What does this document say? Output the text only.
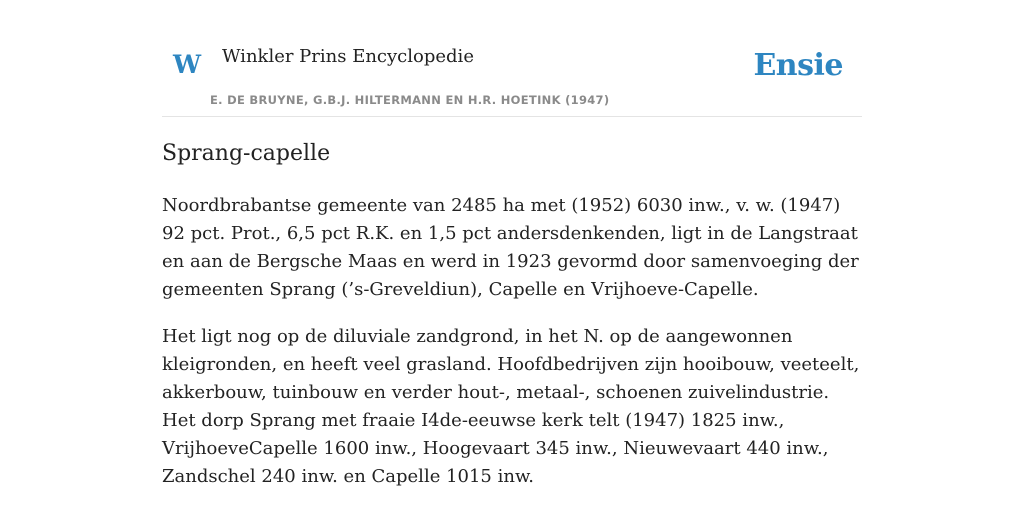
W Winkler Prins Encyclopedie
E. DE BRUYNE, G.B.J. HILTERMANN EN H.R. HOETINK (1947)
Ensie
Sprang-capelle

Noordbrabantse gemeente van 2485 ha met (1952) 6030 inw., v. w. (1947) 92 pct. Prot., 6,5 pct R.K. en 1,5 pct andersdenkenden, ligt in de Langstraat en aan de Bergsche Maas en werd in 1923 gevormd door samenvoeging der gemeenten Sprang (’s-Greveldiun), Capelle en Vrijhoeve-Capelle.

Het ligt nog op de diluviale zandgrond, in het N. op de aangewonnen kleigronden, en heeft veel grasland. Hoofdbedrijven zijn hooibouw, veeteelt, akkerbouw, tuinbouw en verder hout-, metaal-, schoenen zuivelindustrie. Het dorp Sprang met fraaie I4de-eeuwse kerk telt (1947) 1825 inw., VrijhoeveCapelle 1600 inw., Hoogevaart 345 inw., Nieuwevaart 440 inw., Zandschel 240 inw. en Capelle 1015 inw.
